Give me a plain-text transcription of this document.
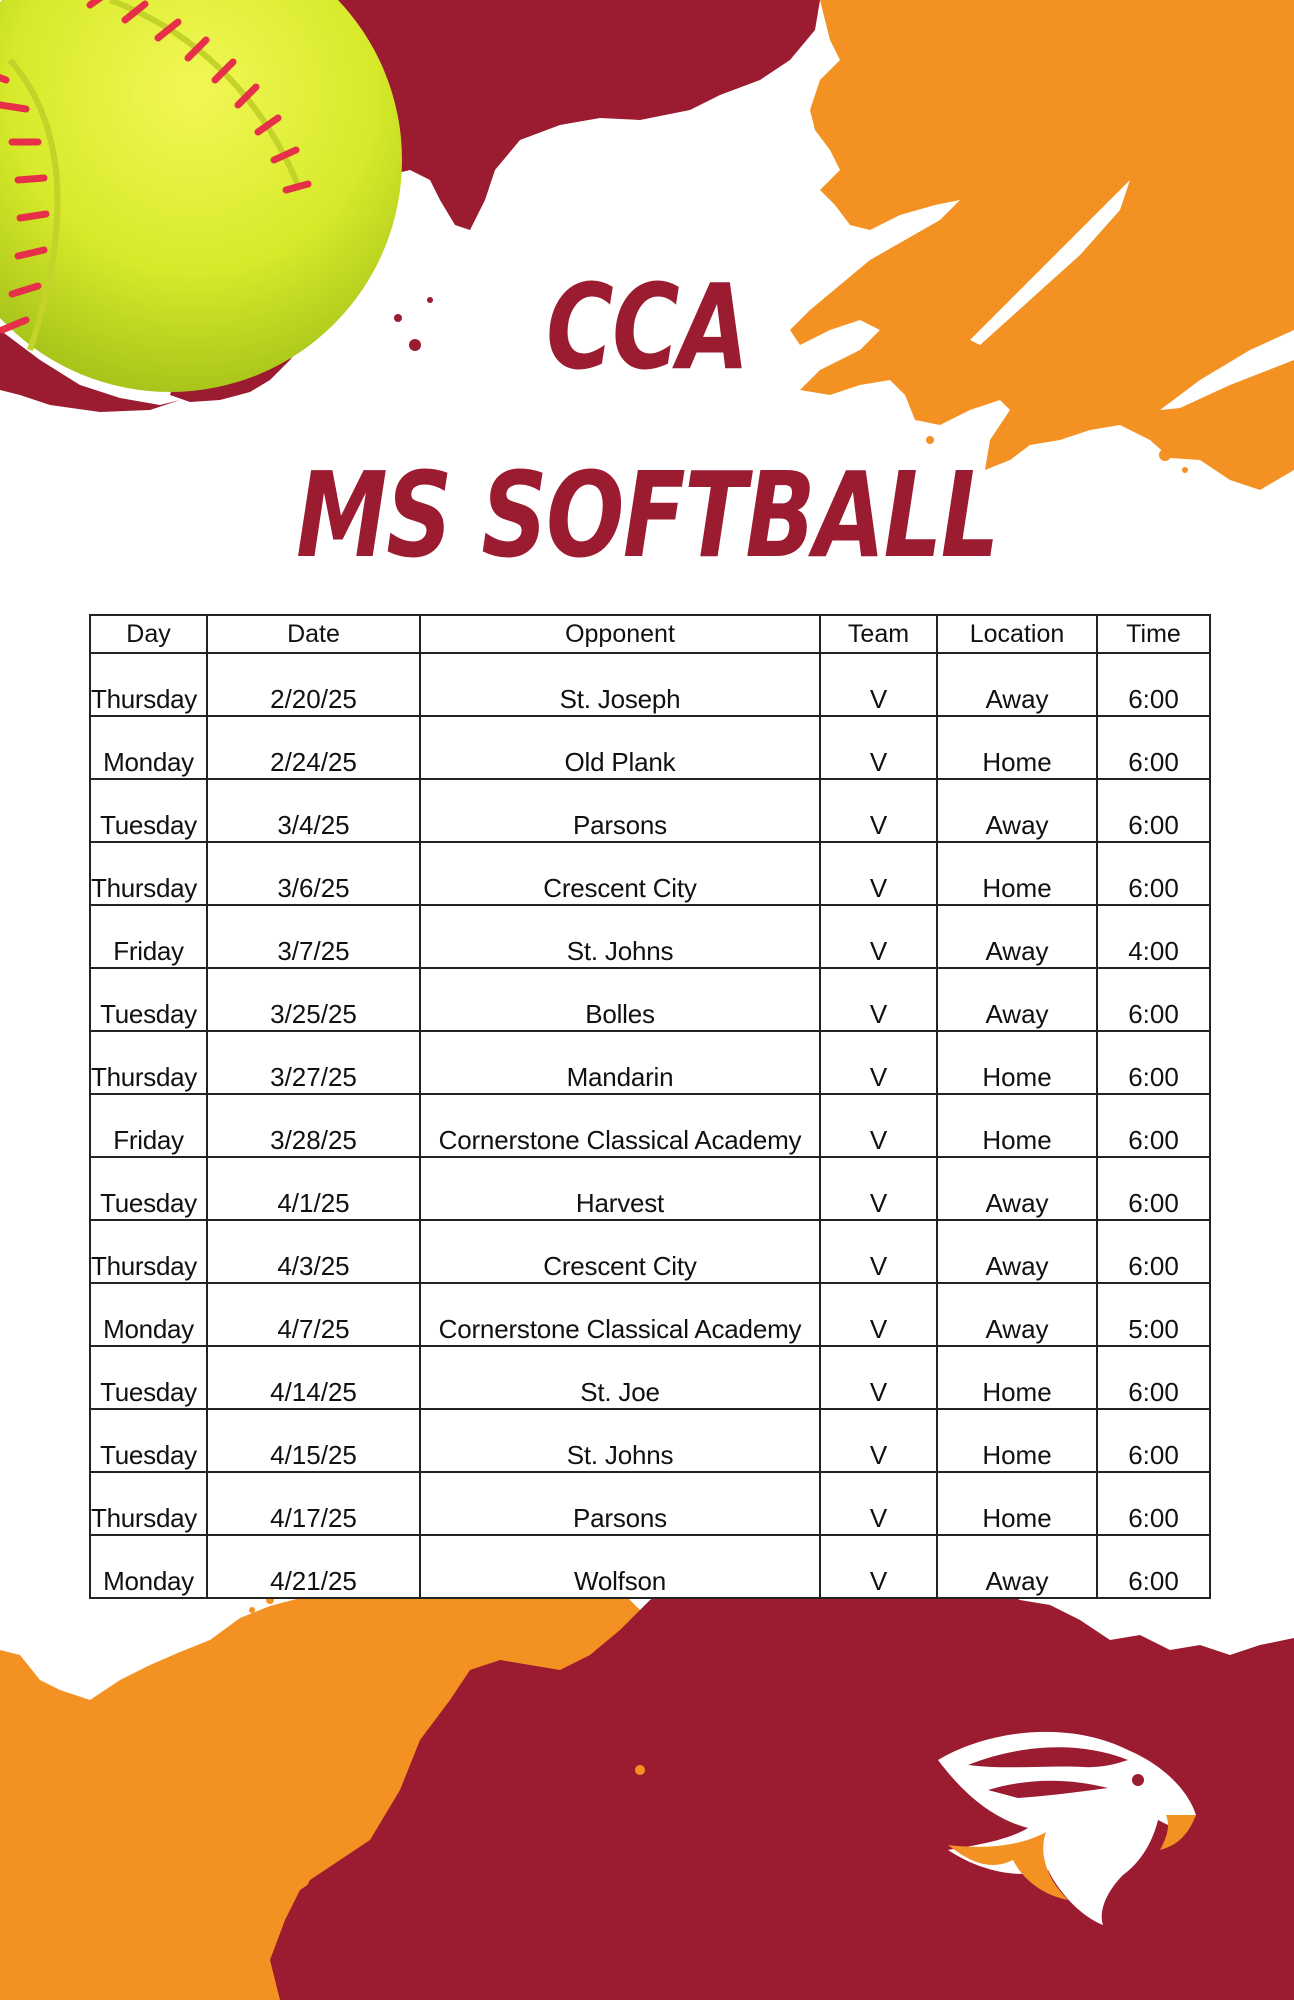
CCA
MS SOFTBALL
Day	Date	Opponent	Team	Location	Time
Thursday	2/20/25	St. Joseph	V	Away	6:00
Monday	2/24/25	Old Plank	V	Home	6:00
Tuesday	3/4/25	Parsons	V	Away	6:00
Thursday	3/6/25	Crescent City	V	Home	6:00
Friday	3/7/25	St. Johns	V	Away	4:00
Tuesday	3/25/25	Bolles	V	Away	6:00
Thursday	3/27/25	Mandarin	V	Home	6:00
Friday	3/28/25	Cornerstone Classical Academy	V	Home	6:00
Tuesday	4/1/25	Harvest	V	Away	6:00
Thursday	4/3/25	Crescent City	V	Away	6:00
Monday	4/7/25	Cornerstone Classical Academy	V	Away	5:00
Tuesday	4/14/25	St. Joe	V	Home	6:00
Tuesday	4/15/25	St. Johns	V	Home	6:00
Thursday	4/17/25	Parsons	V	Home	6:00
Monday	4/21/25	Wolfson	V	Away	6:00
